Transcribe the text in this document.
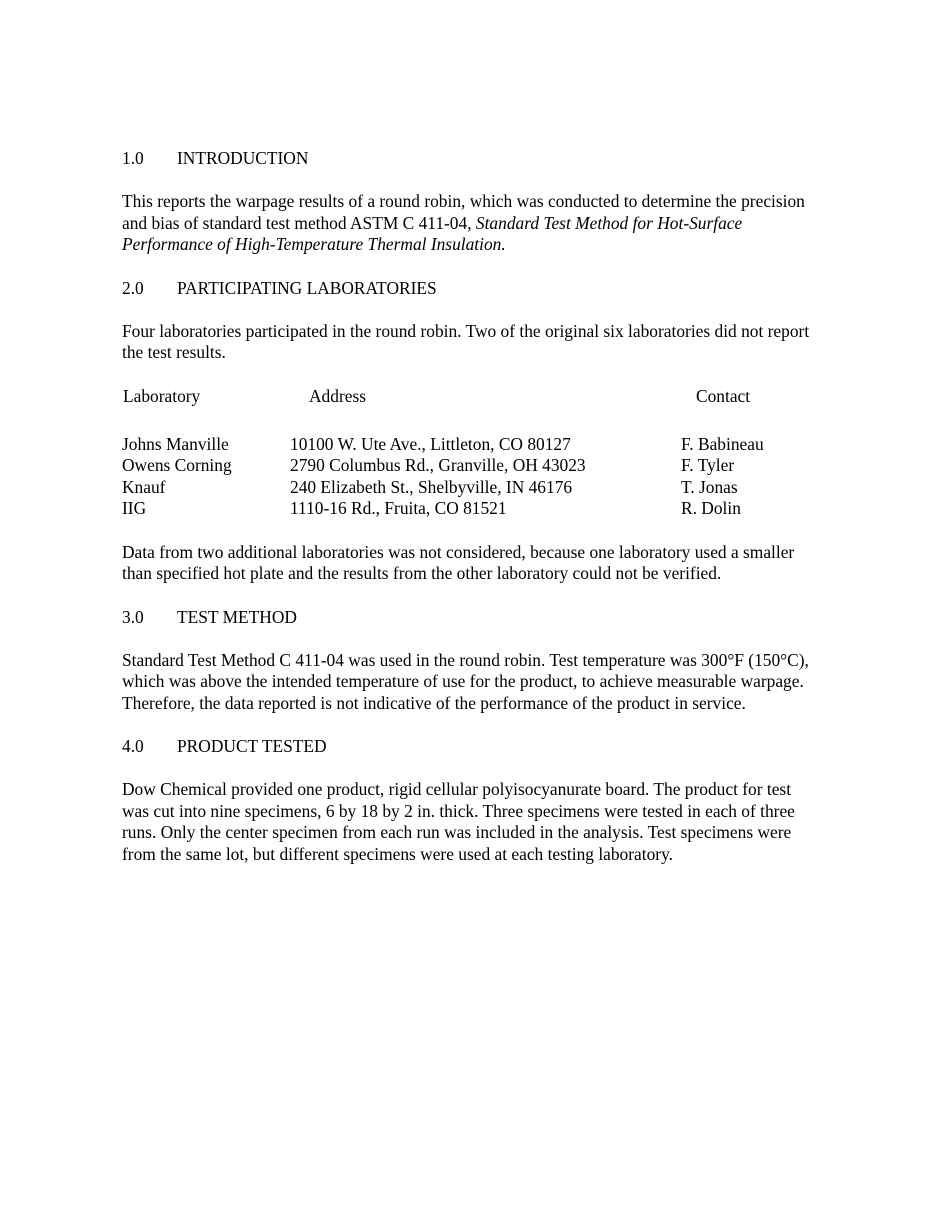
1.0 INTRODUCTION

This reports the warpage results of a round robin, which was conducted to determine the precision and bias of standard test method ASTM C 411-04, Standard Test Method for Hot-Surface Performance of High-Temperature Thermal Insulation.

2.0 PARTICIPATING LABORATORIES

Four laboratories participated in the round robin. Two of the original six laboratories did not report the test results.

Laboratory	Address	Contact
Johns Manville	10100 W. Ute Ave., Littleton, CO 80127	F. Babineau
Owens Corning	2790 Columbus Rd., Granville, OH 43023	F. Tyler
Knauf	240 Elizabeth St., Shelbyville, IN 46176	T. Jonas
IIG	1110-16 Rd., Fruita, CO 81521	R. Dolin

Data from two additional laboratories was not considered, because one laboratory used a smaller than specified hot plate and the results from the other laboratory could not be verified.

3.0 TEST METHOD

Standard Test Method C 411-04 was used in the round robin. Test temperature was 300°F (150°C), which was above the intended temperature of use for the product, to achieve measurable warpage. Therefore, the data reported is not indicative of the performance of the product in service.

4.0 PRODUCT TESTED

Dow Chemical provided one product, rigid cellular polyisocyanurate board. The product for test was cut into nine specimens, 6 by 18 by 2 in. thick. Three specimens were tested in each of three runs. Only the center specimen from each run was included in the analysis. Test specimens were from the same lot, but different specimens were used at each testing laboratory.
